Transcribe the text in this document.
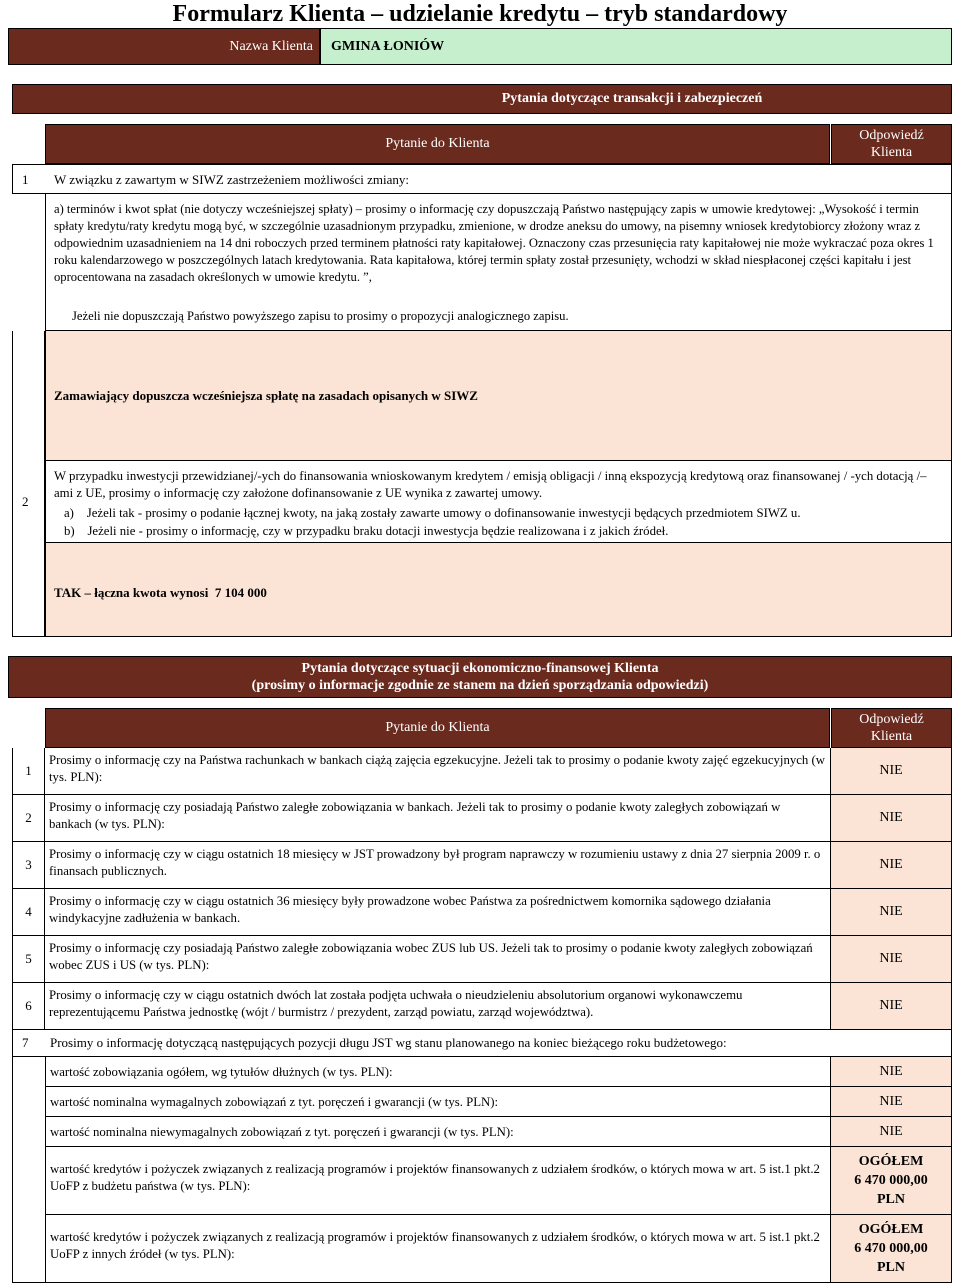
Formularz Klienta – udzielanie kredytu – tryb standardowy
Nazwa Klienta GMINA ŁONIÓW
Pytania dotyczące transakcji i zabezpieczeń
Pytanie do Klienta
Odpowiedź Klienta
1 W związku z zawartym w SIWZ zastrzeżeniem możliwości zmiany:
a) terminów i kwot spłat (nie dotyczy wcześniejszej spłaty) – prosimy o informację czy dopuszczają Państwo następujący zapis w umowie kredytowej: „Wysokość i termin spłaty kredytu/raty kredytu mogą być, w szczególnie uzasadnionym przypadku, zmienione, w drodze aneksu do umowy, na pisemny wniosek kredytobiorcy złożony wraz z odpowiednim uzasadnieniem na 14 dni roboczych przed terminem płatności raty kapitałowej. Oznaczony czas przesunięcia raty kapitałowej nie może wykraczać poza okres 1 roku kalendarzowego w poszczególnych latach kredytowania. Rata kapitałowa, której termin spłaty został przesunięty, wchodzi w skład niespłaconej części kapitału i jest oprocentowana na zasadach określonych w umowie kredytu. ”,
Jeżeli nie dopuszczają Państwo powyższego zapisu to prosimy o propozycji analogicznego zapisu.
Zamawiający dopuszcza wcześniejsza spłatę na zasadach opisanych w SIWZ
2
W przypadku inwestycji przewidzianej/-ych do finansowania wnioskowanym kredytem / emisją obligacji / inną ekspozycją kredytową oraz finansowanej / -ych dotacją /–ami z UE, prosimy o informację czy założone dofinansowanie z UE wynika z zawartej umowy.
a)    Jeżeli tak - prosimy o podanie łącznej kwoty, na jaką zostały zawarte umowy o dofinansowanie inwestycji będących przedmiotem SIWZ u.
b)    Jeżeli nie - prosimy o informację, czy w przypadku braku dotacji inwestycja będzie realizowana i z jakich źródeł.
TAK – łączna kwota wynosi  7 104 000
Pytania dotyczące sytuacji ekonomiczno-finansowej Klienta
(prosimy o informacje zgodnie ze stanem na dzień sporządzania odpowiedzi)
Pytanie do Klienta
Odpowiedź Klienta
1
Prosimy o informację czy na Państwa rachunkach w bankach ciążą zajęcia egzekucyjne. Jeżeli tak to prosimy o podanie kwoty zajęć egzekucyjnych (w tys. PLN):	NIE
2
Prosimy o informację czy posiadają Państwo zaległe zobowiązania w bankach. Jeżeli tak to prosimy o podanie kwoty zaległych zobowiązań w bankach (w tys. PLN):	NIE
3
Prosimy o informację czy w ciągu ostatnich 18 miesięcy w JST prowadzony był program naprawczy w rozumieniu ustawy z dnia 27 sierpnia 2009 r. o finansach publicznych.	NIE
4
Prosimy o informację czy w ciągu ostatnich 36 miesięcy były prowadzone wobec Państwa za pośrednictwem komornika sądowego działania windykacyjne zadłużenia w bankach.	NIE
5
Prosimy o informację czy posiadają Państwo zaległe zobowiązania wobec ZUS lub US. Jeżeli tak to prosimy o podanie kwoty zaległych zobowiązań wobec ZUS i US (w tys. PLN):	NIE
6
Prosimy o informację czy w ciągu ostatnich dwóch lat została podjęta uchwała o nieudzieleniu absolutorium organowi wykonawczemu reprezentującemu Państwa jednostkę (wójt / burmistrz / prezydent, zarząd powiatu, zarząd województwa).	NIE
7 Prosimy o informację dotyczącą następujących pozycji długu JST wg stanu planowanego na koniec bieżącego roku budżetowego:
wartość zobowiązania ogółem, wg tytułów dłużnych (w tys. PLN):	NIE
wartość nominalna wymagalnych zobowiązań z tyt. poręczeń i gwarancji (w tys. PLN):	NIE
wartość nominalna niewymagalnych zobowiązań z tyt. poręczeń i gwarancji (w tys. PLN):	NIE
wartość kredytów i pożyczek związanych z realizacją programów i projektów finansowanych z udziałem środków, o których mowa w art. 5 ist.1 pkt.2 UoFP z budżetu państwa (w tys. PLN):
OGÓŁEM
6 470 000,00
PLN
wartość kredytów i pożyczek związanych z realizacją programów i projektów finansowanych z udziałem środków, o których mowa w art. 5 ist.1 pkt.2 UoFP z innych źródeł (w tys. PLN):
OGÓŁEM
6 470 000,00
PLN
